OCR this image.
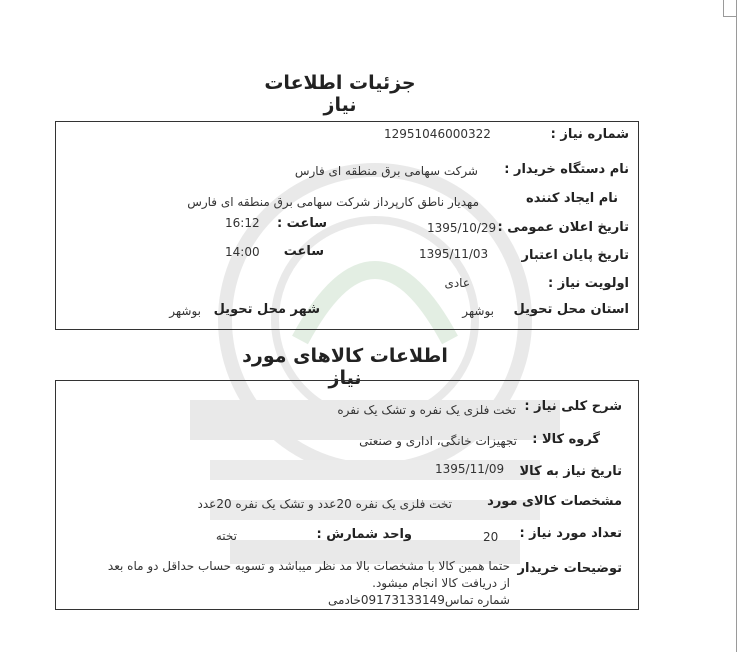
جزئیات اطلاعات نیاز
شماره نیاز :
12951046000322
نام دستگاه خریدار :
شرکت سهامی برق منطقه ای فارس
نام ایجاد کننده
مهدیار ناطق کارپرداز شرکت سهامی برق منطقه ای فارس
تاریخ اعلان عمومی :
1395/10/29
ساعت :
16:12
تاریخ پایان اعتبار
1395/11/03
ساعت
14:00
اولویت نیاز :
عادی
استان محل تحویل
بوشهر
شهر محل تحویل
بوشهر
اطلاعات کالاهای مورد نیاز
شرح کلی نیاز :
تخت فلزی یک نفره و تشک یک نفره
گروه کالا :
تجهیزات خانگی، اداری و صنعتی
تاریخ نیاز به کالا
1395/11/09
مشخصات کالای مورد
تخت فلزی یک نفره 20عدد و تشک یک نفره 20عدد
تعداد مورد نیاز :
20
واحد شمارش :
تخته
توضیحات خریدار
حتما همین کالا با مشخصات بالا مد نظر میباشد و تسویه حساب حداقل دو ماه بعد
از دریافت کالا انجام میشود.
شماره تماس09173133149خادمی
